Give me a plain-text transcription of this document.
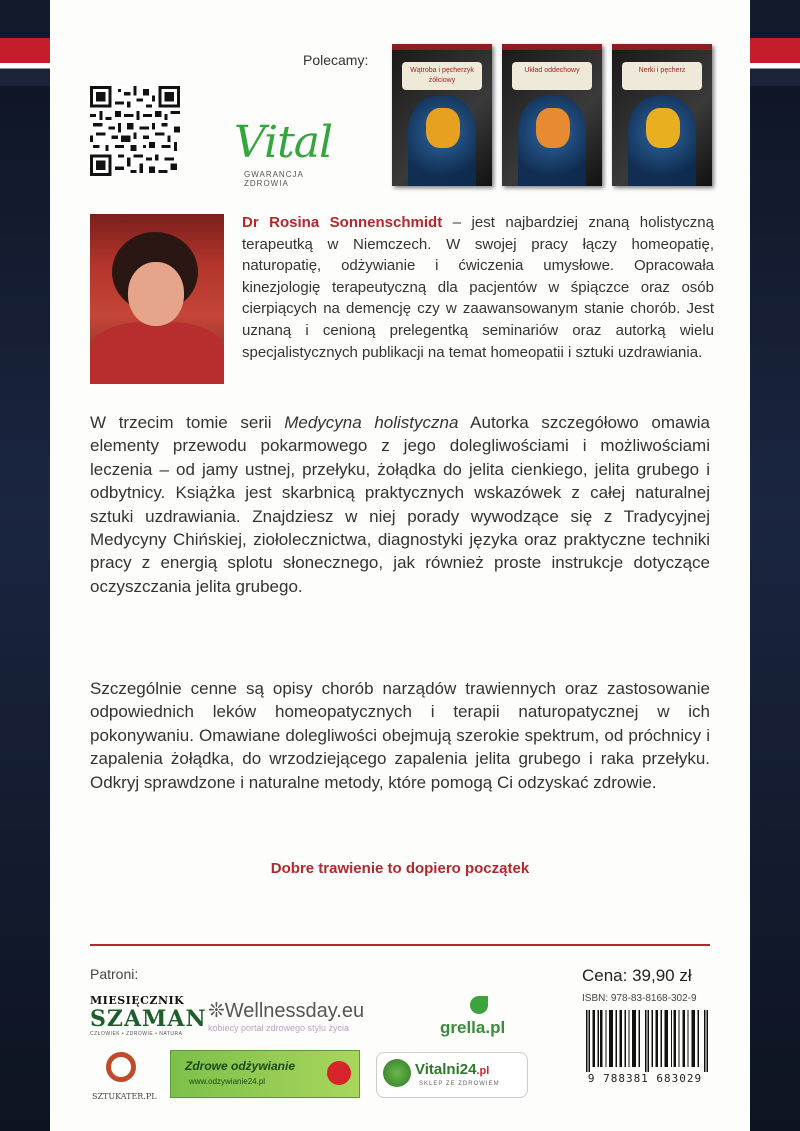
Polecamy:
Vital
GWARANCJA ZDROWIA
Wątroba i pęcherzyk żółciowy
Układ oddechowy	Nerki i pęcherz

Dr Rosina Sonnenschmidt – jest najbardziej znaną holistyczną terapeutką w Niemczech. W swojej pracy łączy homeopatię, naturopatię, odżywianie i ćwiczenia umysłowe. Opracowała kinezjologię terapeutyczną dla pacjentów w śpiączce oraz osób cierpiących na demencję czy w zaawansowanym stanie chorób. Jest uznaną i cenioną prelegentką seminariów oraz autorką wielu specjalistycznych publikacji na temat homeopatii i sztuki uzdrawiania.

W trzecim tomie serii Medycyna holistyczna Autorka szczegółowo omawia elementy przewodu pokarmowego z jego dolegliwościami i możliwościami leczenia – od jamy ustnej, przełyku, żołądka do jelita cienkiego, jelita grubego i odbytnicy. Książka jest skarbnicą praktycznych wskazówek z całej naturalnej sztuki uzdrawiania. Znajdziesz w niej porady wywodzące się z Tradycyjnej Medycyny Chińskiej, ziołolecznictwa, diagnostyki języka oraz praktyczne techniki pracy z energią splotu słonecznego, jak również proste instrukcje dotyczące oczyszczania jelita grubego.

Szczególnie cenne są opisy chorób narządów trawiennych oraz zastosowanie odpowiednich leków homeopatycznych i terapii naturopatycznej w ich pokonywaniu. Omawiane dolegliwości obejmują szerokie spektrum, od próchnicy i zapalenia żołądka, do wrzodziejącego zapalenia jelita grubego i raka przełyku. Odkryj sprawdzone i naturalne metody, które pomogą Ci odzyskać zdrowie.

Dobre trawienie to dopiero początek
Patroni:	Cena: 39,90 zł
ISBN: 978-83-8168-302-9
9 788381 683029
MIESIĘCZNIK
SZAMAN
CZŁOWIEK • ZDROWIE • NATURA
❊Wellnessday.eu
kobiecy portal zdrowego stylu życia	grella.pl
SZTUKATER.PL
Zdrowe odżywianie
www.odzywianie24.pl
Vitalni24.pl
SKLEP ZE ZDROWIEM
